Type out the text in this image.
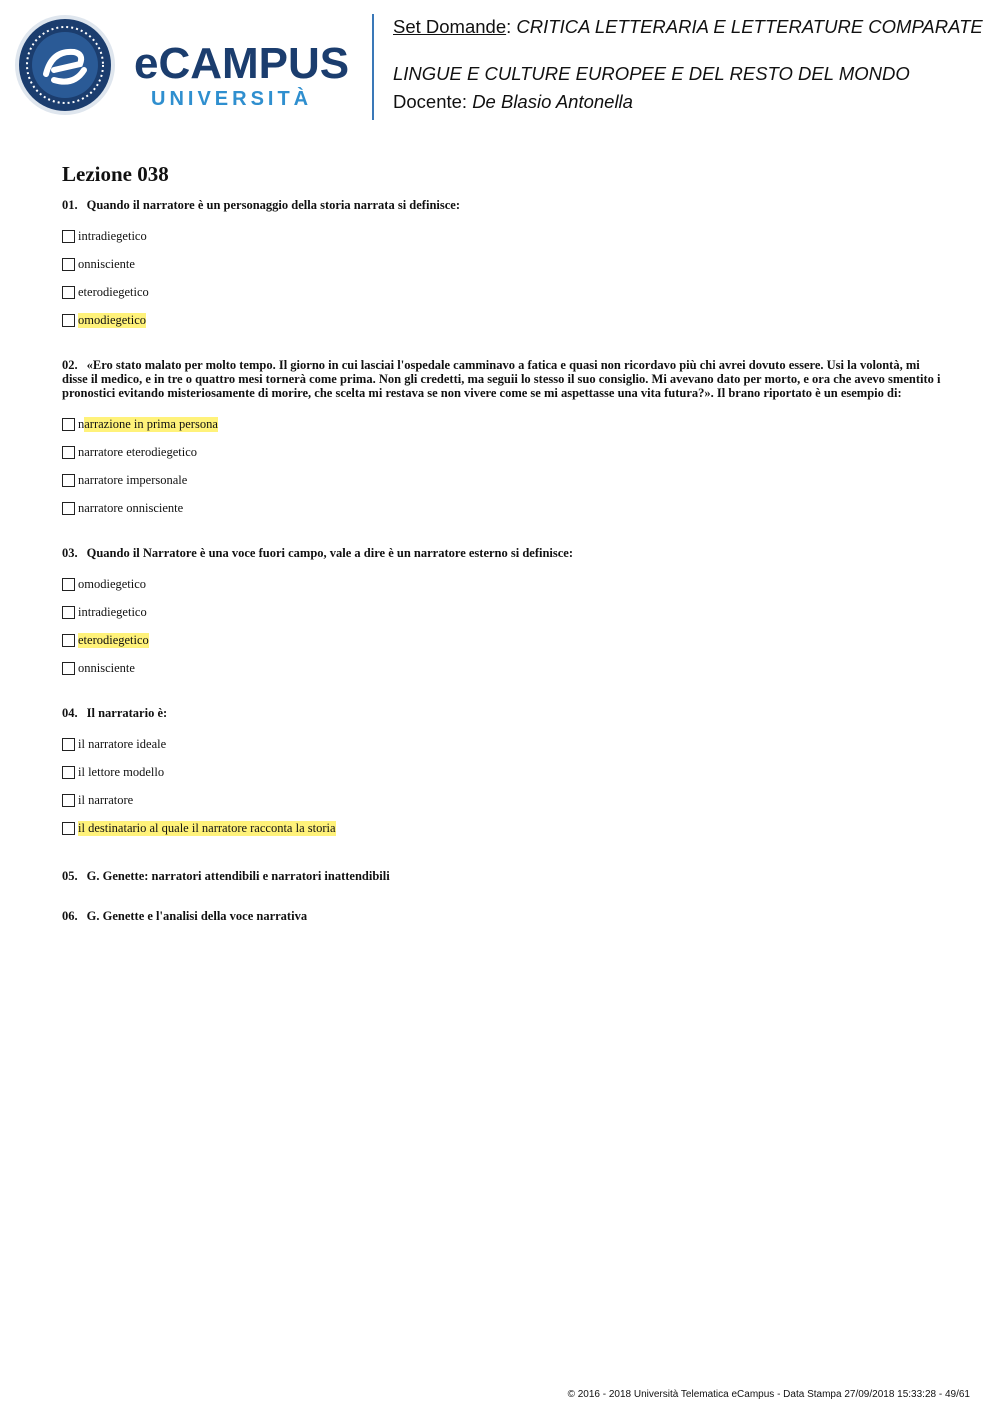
eCAMPUS
UNIVERSITÀ
Set Domande: CRITICA LETTERARIA E LETTERATURE COMPARATE
LINGUE E CULTURE EUROPEE E DEL RESTO DEL MONDO
Docente: De Blasio Antonella
Lezione 038

01. Quando il narratore è un personaggio della storia narrata si definisce:

intradiegetico
onnisciente
eterodiegetico
omodiegetico

02. «Ero stato malato per molto tempo. Il giorno in cui lasciai l'ospedale camminavo a fatica e quasi non ricordavo più chi avrei dovuto essere. Usi la volontà, mi disse il medico, e in tre o quattro mesi tornerà come prima. Non gli credetti, ma seguii lo stesso il suo consiglio. Mi avevano dato per morto, e ora che avevo smentito i pronostici evitando misteriosamente di morire, che scelta mi restava se non vivere come se mi aspettasse una vita futura?». Il brano riportato è un esempio di:

n arrazione in prima persona
narratore eterodiegetico
narratore impersonale
narratore onnisciente

03. Quando il Narratore è una voce fuori campo, vale a dire è un narratore esterno si definisce:

omodiegetico
intradiegetico
eterodiegetico
onnisciente

04. Il narratario è:

il narratore ideale
il lettore modello
il narratore
il destinatario al quale il narratore racconta la storia

05. G. Genette: narratori attendibili e narratori inattendibili

06. G. Genette e l'analisi della voce narrativa

© 2016 - 2018 Università Telematica eCampus - Data Stampa 27/09/2018 15:33:28 - 49/61
